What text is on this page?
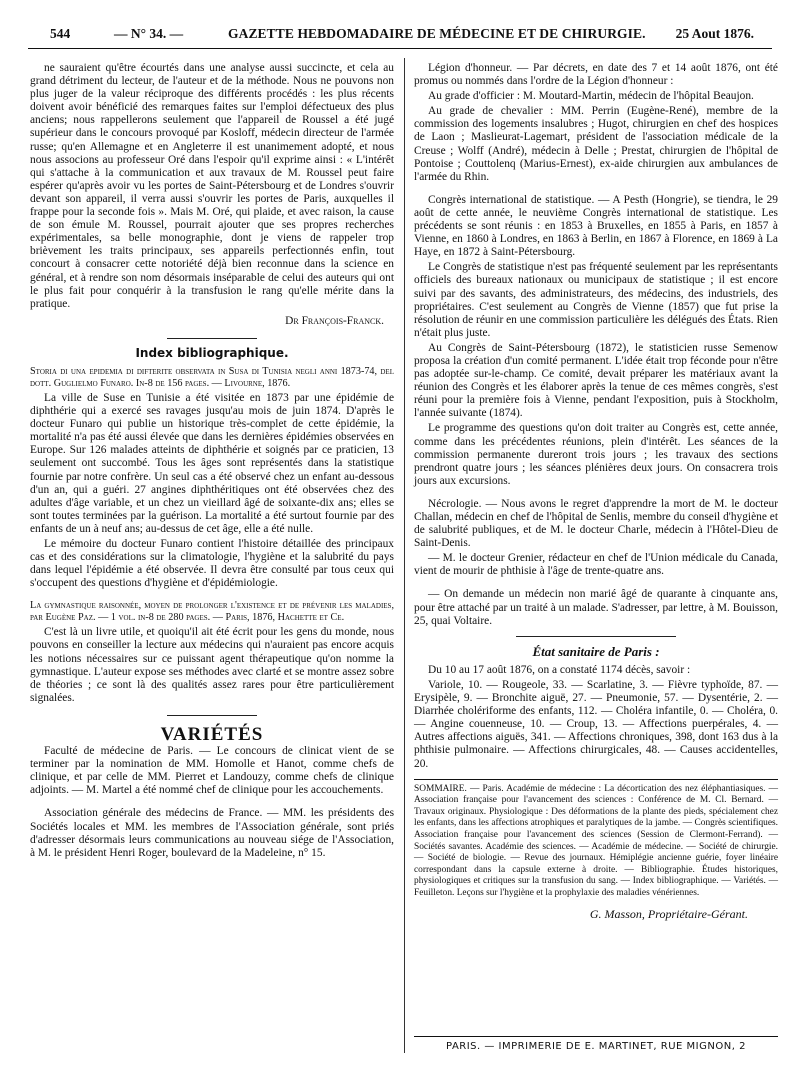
544	— N° 34. —	GAZETTE HEBDOMADAIRE DE MÉDECINE ET DE CHIRURGIE. 25 Aout 1876.

ne sauraient qu'être écourtés dans une analyse aussi succincte, et cela au grand détriment du lecteur, de l'auteur et de la méthode. Nous ne pouvons non plus juger de la valeur réciproque des différents procédés : les plus récents doivent avoir bénéficié des remarques faites sur l'emploi défectueux des plus anciens; nous rappellerons seulement que l'appareil de Roussel a été jugé supérieur dans le concours provoqué par Kosloff, médecin directeur de l'armée russe; qu'en Allemagne et en Angleterre il est unanimement adopté, et nous nous associons au professeur Oré dans l'espoir qu'il exprime ainsi : « L'intérêt qui s'attache à la communication et aux travaux de M. Roussel peut faire espérer qu'après avoir vu les portes de Saint-Pétersbourg et de Londres s'ouvrir devant son appareil, il verra aussi s'ouvrir les portes de Paris, auxquelles il frappe pour la seconde fois ». Mais M. Oré, qui plaide, et avec raison, la cause de son émule M. Roussel, pourrait ajouter que ses propres recherches expérimentales, sa belle monographie, dont je viens de rappeler trop brièvement les traits principaux, ses appareils perfectionnés enfin, tout concourt à consacrer cette notoriété déjà bien reconnue dans la science en général, et à rendre son nom désormais inséparable de celui des auteurs qui ont le plus fait pour conquérir à la transfusion le rang qu'elle mérite dans la pratique.

Dr François-Franck.

Index bibliographique.

Storia di una epidemia di difterite observata in Susa di Tunisia negli anni 1873-74, del dott. Guglielmo Funaro. In-8 de 156 pages. — Livourne, 1876.

La ville de Suse en Tunisie a été visitée en 1873 par une épidémie de diphthérie qui a exercé ses ravages jusqu'au mois de juin 1874. D'après le docteur Funaro qui publie un historique très-complet de cette épidémie, la mortalité n'a pas été aussi élevée que dans les dernières épidémies observées en Europe. Sur 126 malades atteints de diphthérie et soignés par ce praticien, 13 seulement ont succombé. Tous les âges sont représentés dans la statistique fournie par notre confrère. Un seul cas a été observé chez un enfant au-dessous d'un an, qui a guéri. 27 angines diphthéritiques ont été observées chez des adultes d'âge variable, et un chez un vieillard âgé de soixante-dix ans; elles se sont toutes terminées par la guérison. La mortalité a été surtout fournie par des enfants de un à neuf ans; au-dessus de cet âge, elle a été nulle.

Le mémoire du docteur Funaro contient l'histoire détaillée des principaux cas et des considérations sur la climatologie, l'hygiène et la salubrité du pays dans lequel l'épidémie a été observée. Il devra être consulté par tous ceux qui s'occupent des questions d'hygiène et d'épidémiologie.

La gymnastique raisonnée, moyen de prolonger l'existence et de prévenir les maladies, par Eugène Paz. — 1 vol. in-8 de 280 pages. — Paris, 1876, Hachette et Ce.

C'est là un livre utile, et quoiqu'il ait été écrit pour les gens du monde, nous pouvons en conseiller la lecture aux médecins qui n'auraient pas encore acquis les notions nécessaires sur ce puissant agent thérapeutique qu'on nomme la gymnastique. L'auteur expose ses méthodes avec clarté et se montre assez sobre de théories ; ce sont là des qualités assez rares pour être particulièrement signalées.

VARIÉTÉS

Faculté de médecine de Paris. — Le concours de clinicat vient de se terminer par la nomination de MM. Homolle et Hanot, comme chefs de clinique, et par celle de MM. Pierret et Landouzy, comme chefs de clinique adjoints. — M. Martel a été nommé chef de clinique pour les accouchements.

Association générale des médecins de France. — MM. les présidents des Sociétés locales et MM. les membres de l'Association générale, sont priés d'adresser désormais leurs communications au nouveau siége de l'Association, à M. le président Henri Roger, boulevard de la Madeleine, n° 15.

Légion d'honneur. — Par décrets, en date des 7 et 14 août 1876, ont été promus ou nommés dans l'ordre de la Légion d'honneur :

Au grade d'officier : M. Moutard-Martin, médecin de l'hôpital Beaujon.

Au grade de chevalier : MM. Perrin (Eugène-René), membre de la commission des logements insalubres ; Hugot, chirurgien en chef des hospices de Laon ; Maslieurat-Lagemart, président de l'association médicale de la Creuse ; Wolff (André), médecin à Delle ; Prestat, chirurgien de l'hôpital de Pontoise ; Couttolenq (Marius-Ernest), ex-aide chirurgien aux ambulances de l'armée du Rhin.

Congrès international de statistique. — A Pesth (Hongrie), se tiendra, le 29 août de cette année, le neuvième Congrès international de statistique. Les précédents se sont réunis : en 1853 à Bruxelles, en 1855 à Paris, en 1857 à Vienne, en 1860 à Londres, en 1863 à Berlin, en 1867 à Florence, en 1869 à La Haye, en 1872 à Saint-Pétersbourg.

Le Congrès de statistique n'est pas fréquenté seulement par les représentants officiels des bureaux nationaux ou municipaux de statistique ; il est encore suivi par des savants, des administrateurs, des médecins, des industriels, des propriétaires. C'est seulement au Congrès de Vienne (1857) que fut prise la résolution de réunir en une commission particulière les délégués des États. Rien n'était plus juste.

Au Congrès de Saint-Pétersbourg (1872), le statisticien russe Semenow proposa la création d'un comité permanent. L'idée était trop féconde pour n'être pas adoptée sur-le-champ. Ce comité, devait préparer les matériaux avant la réunion des Congrès et les élaborer après la tenue de ces mêmes congrès, s'est réuni pour la première fois à Vienne, pendant l'exposition, puis à Stockholm, l'année suivante (1874).

Le programme des questions qu'on doit traiter au Congrès est, cette année, comme dans les précédentes réunions, plein d'intérêt. Les séances de la commission permanente dureront trois jours ; les travaux des sections prendront quatre jours ; les séances plénières deux jours. On consacrera trois jours aux excursions.

Nécrologie. — Nous avons le regret d'apprendre la mort de M. le docteur Challan, médecin en chef de l'hôpital de Senlis, membre du conseil d'hygiène et de salubrité publiques, et de M. le docteur Charle, médecin à l'Hôtel-Dieu de Saint-Denis.

— M. le docteur Grenier, rédacteur en chef de l'Union médicale du Canada, vient de mourir de phthisie à l'âge de trente-quatre ans.

— On demande un médecin non marié âgé de quarante à cinquante ans, pour être attaché par un traité à un malade. S'adresser, par lettre, à M. Bouisson, 25, quai Voltaire.

État sanitaire de Paris :

Du 10 au 17 août 1876, on a constaté 1174 décès, savoir :

Variole, 10. — Rougeole, 33. — Scarlatine, 3. — Fièvre typhoïde, 87. — Erysipèle, 9. — Bronchite aiguë, 27. — Pneumonie, 57. — Dysentérie, 2. — Diarrhée cholériforme des enfants, 112. — Choléra infantile, 0. — Choléra, 0. — Angine couenneuse, 10. — Croup, 13. — Affections puerpérales, 4. — Autres affections aiguës, 341. — Affections chroniques, 398, dont 163 dus à la phthisie pulmonaire. — Affections chirurgicales, 48. — Causes accidentelles, 20.

SOMMAIRE. — Paris. Académie de médecine : La décortication des nez éléphantiasiques. — Association française pour l'avancement des sciences : Conférence de M. Cl. Bernard. — Travaux originaux. Physiologique : Des déformations de la plante des pieds, spécialement chez les enfants, dans les affections atrophiques et paralytiques de la jambe. — Congrès scientifiques. Association française pour l'avancement des sciences (Session de Clermont-Ferrand). — Sociétés savantes. Académie des sciences. — Académie de médecine. — Société de chirurgie. — Société de biologie. — Revue des journaux. Hémiplégie ancienne guérie, foyer linéaire correspondant dans la capsule externe à droite. — Bibliographie. Études historiques, physiologiques et critiques sur la transfusion du sang. — Index bibliographique. — Variétés. — Feuilleton. Leçons sur l'hygiène et la prophylaxie des maladies vénériennes.
G. Masson, Propriétaire-Gérant.
PARIS. — IMPRIMERIE DE E. MARTINET, RUE MIGNON, 2
